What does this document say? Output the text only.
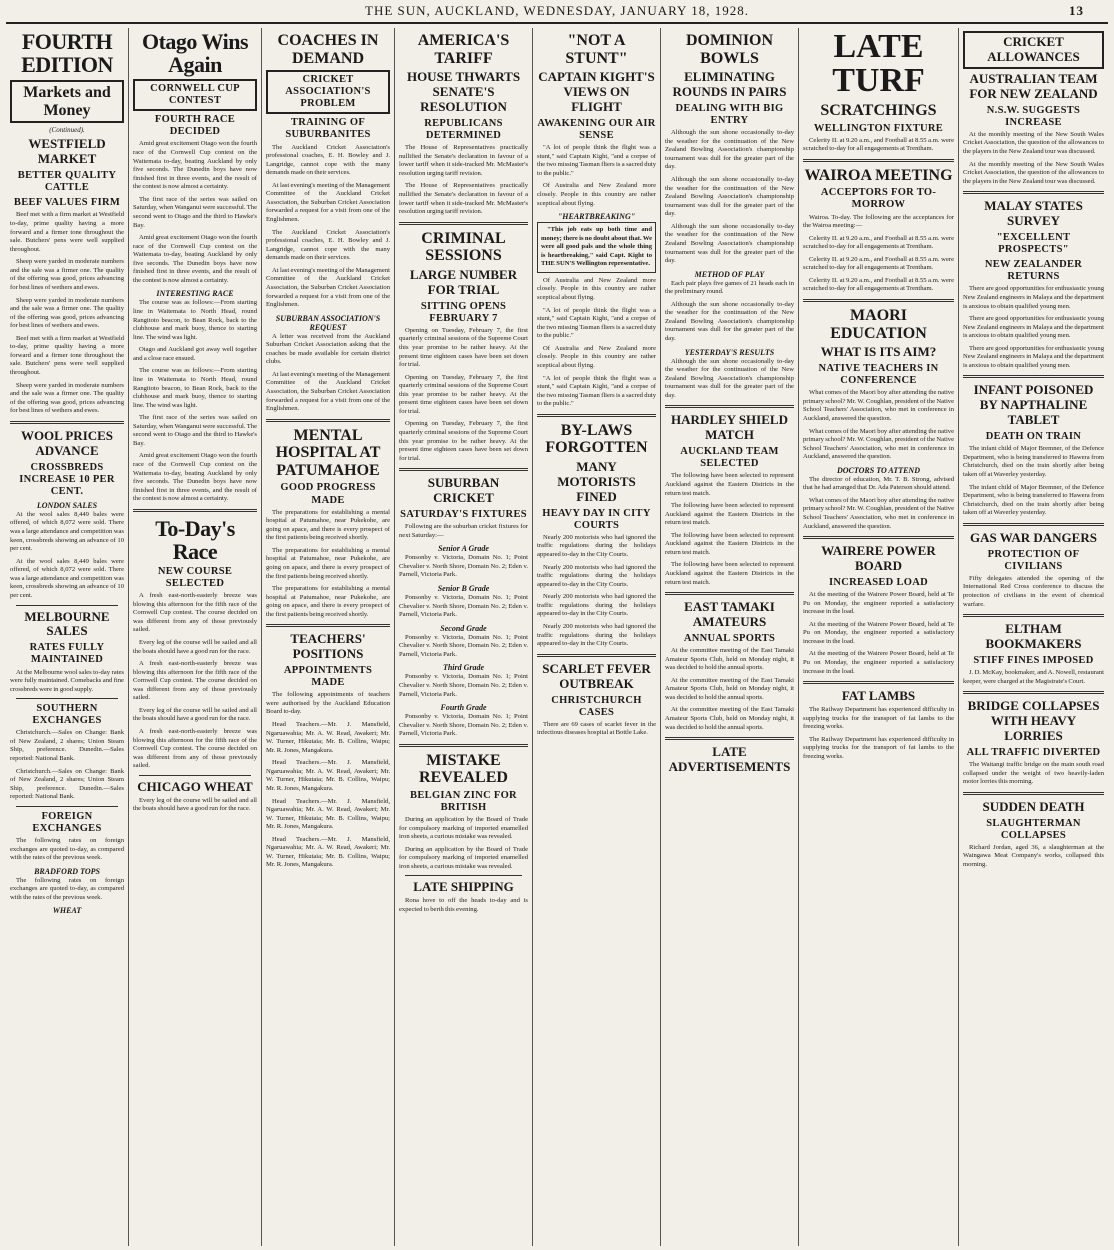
THE SUN, AUCKLAND, WEDNESDAY, JANUARY 18, 1928.	13
FOURTH EDITION
Markets and Money
(Continued).
WESTFIELD MARKET
BETTER QUALITY CATTLE
BEEF VALUES FIRM

Beef met with a firm market at Westfield to-day, prime quality having a more forward and a firmer tone throughout the sale. Butchers' pens were well supplied throughout.

Sheep were yarded in moderate numbers and the sale was a firmer one. The quality of the offering was good, prices advancing for best lines of wethers and ewes.

Sheep were yarded in moderate numbers and the sale was a firmer one. The quality of the offering was good, prices advancing for best lines of wethers and ewes.

Beef met with a firm market at Westfield to-day, prime quality having a more forward and a firmer tone throughout the sale. Butchers' pens were well supplied throughout.

Sheep were yarded in moderate numbers and the sale was a firmer one. The quality of the offering was good, prices advancing for best lines of wethers and ewes.

WOOL PRICES ADVANCE
CROSSBREDS INCREASE 10 PER CENT.
LONDON SALES

At the wool sales 8,449 bales were offered, of which 8,072 were sold. There was a large attendance and competition was keen, crossbreds showing an advance of 10 per cent.

At the wool sales 8,449 bales were offered, of which 8,072 were sold. There was a large attendance and competition was keen, crossbreds showing an advance of 10 per cent.

MELBOURNE SALES
RATES FULLY MAINTAINED

At the Melbourne wool sales to-day rates were fully maintained. Comebacks and fine crossbreds were in good supply.

SOUTHERN EXCHANGES

Christchurch.—Sales on Change: Bank of New Zealand, 2 shares; Union Steam Ship, preference. Dunedin.—Sales reported: National Bank.

Christchurch.—Sales on Change: Bank of New Zealand, 2 shares; Union Steam Ship, preference. Dunedin.—Sales reported: National Bank.

FOREIGN EXCHANGES

The following rates on foreign exchanges are quoted to-day, as compared with the rates of the previous week.

BRADFORD TOPS

The following rates on foreign exchanges are quoted to-day, as compared with the rates of the previous week.

WHEAT
Otago Wins Again
CORNWELL CUP CONTEST
FOURTH RACE DECIDED

Amid great excitement Otago won the fourth race of the Cornwell Cup contest on the Waitemata to-day, beating Auckland by only five seconds. The Dunedin boys have now finished first in three events, and the result of the contest is now almost a certainty.

The first race of the series was sailed on Saturday, when Wanganui were successful. The second went to Otago and the third to Hawke's Bay.

Amid great excitement Otago won the fourth race of the Cornwell Cup contest on the Waitemata to-day, beating Auckland by only five seconds. The Dunedin boys have now finished first in three events, and the result of the contest is now almost a certainty.

INTERESTING RACE

The course was as follows:—From starting line in Waitemata to North Head, round Rangitoto beacon, to Bean Rock, back to the clubhouse and mark buoy, thence to starting line. The wind was light.

Otago and Auckland got away well together and a close race ensued.

The course was as follows:—From starting line in Waitemata to North Head, round Rangitoto beacon, to Bean Rock, back to the clubhouse and mark buoy, thence to starting line. The wind was light.

The first race of the series was sailed on Saturday, when Wanganui were successful. The second went to Otago and the third to Hawke's Bay.

Amid great excitement Otago won the fourth race of the Cornwell Cup contest on the Waitemata to-day, beating Auckland by only five seconds. The Dunedin boys have now finished first in three events, and the result of the contest is now almost a certainty.

To-Day's Race
NEW COURSE SELECTED

A fresh east-north-easterly breeze was blowing this afternoon for the fifth race of the Cornwell Cup contest. The course decided on was different from any of those previously sailed.

Every leg of the course will be sailed and all the boats should have a good run for the race.

A fresh east-north-easterly breeze was blowing this afternoon for the fifth race of the Cornwell Cup contest. The course decided on was different from any of those previously sailed.

Every leg of the course will be sailed and all the boats should have a good run for the race.

A fresh east-north-easterly breeze was blowing this afternoon for the fifth race of the Cornwell Cup contest. The course decided on was different from any of those previously sailed.

CHICAGO WHEAT

Every leg of the course will be sailed and all the boats should have a good run for the race.

COACHES IN DEMAND
CRICKET ASSOCIATION'S PROBLEM
TRAINING OF SUBURBANITES

The Auckland Cricket Association's professional coaches, E. H. Bowley and J. Langridge, cannot cope with the many demands made on their services.

At last evening's meeting of the Management Committee of the Auckland Cricket Association, the Suburban Cricket Association forwarded a request for a visit from one of the Englishmen.

The Auckland Cricket Association's professional coaches, E. H. Bowley and J. Langridge, cannot cope with the many demands made on their services.

At last evening's meeting of the Management Committee of the Auckland Cricket Association, the Suburban Cricket Association forwarded a request for a visit from one of the Englishmen.

SUBURBAN ASSOCIATION'S REQUEST

A letter was received from the Auckland Suburban Cricket Association asking that the coaches be made available for certain district clubs.

At last evening's meeting of the Management Committee of the Auckland Cricket Association, the Suburban Cricket Association forwarded a request for a visit from one of the Englishmen.

MENTAL HOSPITAL AT PATUMAHOE
GOOD PROGRESS MADE

The preparations for establishing a mental hospital at Patumahoe, near Pukekohe, are going on apace, and there is every prospect of the first patients being received shortly.

The preparations for establishing a mental hospital at Patumahoe, near Pukekohe, are going on apace, and there is every prospect of the first patients being received shortly.

The preparations for establishing a mental hospital at Patumahoe, near Pukekohe, are going on apace, and there is every prospect of the first patients being received shortly.

TEACHERS' POSITIONS
APPOINTMENTS MADE

The following appointments of teachers were authorised by the Auckland Education Board to-day.

Head Teachers.—Mr. J. Mansfield, Ngaruawahia; Mr. A. W. Read, Awakeri; Mr. W. Turner, Hikutaia; Mr. B. Collins, Waipu; Mr. R. Jones, Mangakura.

Head Teachers.—Mr. J. Mansfield, Ngaruawahia; Mr. A. W. Read, Awakeri; Mr. W. Turner, Hikutaia; Mr. B. Collins, Waipu; Mr. R. Jones, Mangakura.

Head Teachers.—Mr. J. Mansfield, Ngaruawahia; Mr. A. W. Read, Awakeri; Mr. W. Turner, Hikutaia; Mr. B. Collins, Waipu; Mr. R. Jones, Mangakura.

Head Teachers.—Mr. J. Mansfield, Ngaruawahia; Mr. A. W. Read, Awakeri; Mr. W. Turner, Hikutaia; Mr. B. Collins, Waipu; Mr. R. Jones, Mangakura.

AMERICA'S TARIFF
HOUSE THWARTS SENATE'S RESOLUTION
REPUBLICANS DETERMINED

The House of Representatives practically nullified the Senate's declaration in favour of a lower tariff when it side-tracked Mr. McMaster's resolution urging tariff revision.

The House of Representatives practically nullified the Senate's declaration in favour of a lower tariff when it side-tracked Mr. McMaster's resolution urging tariff revision.

CRIMINAL SESSIONS
LARGE NUMBER FOR TRIAL
SITTING OPENS FEBRUARY 7

Opening on Tuesday, February 7, the first quarterly criminal sessions of the Supreme Court this year promise to be rather heavy. At the present time eighteen cases have been set down for trial.

Opening on Tuesday, February 7, the first quarterly criminal sessions of the Supreme Court this year promise to be rather heavy. At the present time eighteen cases have been set down for trial.

Opening on Tuesday, February 7, the first quarterly criminal sessions of the Supreme Court this year promise to be rather heavy. At the present time eighteen cases have been set down for trial.

SUBURBAN CRICKET
SATURDAY'S FIXTURES

Following are the suburban cricket fixtures for next Saturday:—

Senior A Grade

Ponsonby v. Victoria, Domain No. 1; Point Chevalier v. North Shore, Domain No. 2; Eden v. Parnell, Victoria Park.

Senior B Grade

Ponsonby v. Victoria, Domain No. 1; Point Chevalier v. North Shore, Domain No. 2; Eden v. Parnell, Victoria Park.

Second Grade

Ponsonby v. Victoria, Domain No. 1; Point Chevalier v. North Shore, Domain No. 2; Eden v. Parnell, Victoria Park.

Third Grade

Ponsonby v. Victoria, Domain No. 1; Point Chevalier v. North Shore, Domain No. 2; Eden v. Parnell, Victoria Park.

Fourth Grade

Ponsonby v. Victoria, Domain No. 1; Point Chevalier v. North Shore, Domain No. 2; Eden v. Parnell, Victoria Park.

MISTAKE REVEALED
BELGIAN ZINC FOR BRITISH

During an application by the Board of Trade for compulsory marking of imported enamelled iron sheets, a curious mistake was revealed.

During an application by the Board of Trade for compulsory marking of imported enamelled iron sheets, a curious mistake was revealed.

LATE SHIPPING

Rona hove to off the heads to-day and is expected to berth this evening.

"NOT A STUNT"
CAPTAIN KIGHT'S VIEWS ON FLIGHT
AWAKENING OUR AIR SENSE

"A lot of people think the flight was a stunt," said Captain Kight, "and a corpse of the two missing Tasman fliers is a sacred duty to the public."

Of Australia and New Zealand more closely. People in this country are rather sceptical about flying.

"HEARTBREAKING"

"This job eats up both time and money; there is no doubt about that. We were all good pals and the whole thing is heartbreaking," said Capt. Kight to THE SUN'S Wellington representative.

Of Australia and New Zealand more closely. People in this country are rather sceptical about flying.

"A lot of people think the flight was a stunt," said Captain Kight, "and a corpse of the two missing Tasman fliers is a sacred duty to the public."

Of Australia and New Zealand more closely. People in this country are rather sceptical about flying.

"A lot of people think the flight was a stunt," said Captain Kight, "and a corpse of the two missing Tasman fliers is a sacred duty to the public."

BY-LAWS FORGOTTEN
MANY MOTORISTS FINED
HEAVY DAY IN CITY COURTS

Nearly 200 motorists who had ignored the traffic regulations during the holidays appeared to-day in the City Courts.

Nearly 200 motorists who had ignored the traffic regulations during the holidays appeared to-day in the City Courts.

Nearly 200 motorists who had ignored the traffic regulations during the holidays appeared to-day in the City Courts.

Nearly 200 motorists who had ignored the traffic regulations during the holidays appeared to-day in the City Courts.

SCARLET FEVER OUTBREAK
CHRISTCHURCH CASES

There are 69 cases of scarlet fever in the infectious diseases hospital at Bottle Lake.

DOMINION BOWLS
ELIMINATING ROUNDS IN PAIRS
DEALING WITH BIG ENTRY

Although the sun shone occasionally to-day the weather for the continuation of the New Zealand Bowling Association's championship tournament was dull for the greater part of the day.

Although the sun shone occasionally to-day the weather for the continuation of the New Zealand Bowling Association's championship tournament was dull for the greater part of the day.

Although the sun shone occasionally to-day the weather for the continuation of the New Zealand Bowling Association's championship tournament was dull for the greater part of the day.

METHOD OF PLAY

Each pair plays five games of 21 heads each in the preliminary round.

Although the sun shone occasionally to-day the weather for the continuation of the New Zealand Bowling Association's championship tournament was dull for the greater part of the day.

YESTERDAY'S RESULTS

Although the sun shone occasionally to-day the weather for the continuation of the New Zealand Bowling Association's championship tournament was dull for the greater part of the day.

HARDLEY SHIELD MATCH
AUCKLAND TEAM SELECTED

The following have been selected to represent Auckland against the Eastern Districts in the return test match.

The following have been selected to represent Auckland against the Eastern Districts in the return test match.

The following have been selected to represent Auckland against the Eastern Districts in the return test match.

The following have been selected to represent Auckland against the Eastern Districts in the return test match.

EAST TAMAKI AMATEURS
ANNUAL SPORTS

At the committee meeting of the East Tamaki Amateur Sports Club, held on Monday night, it was decided to hold the annual sports.

At the committee meeting of the East Tamaki Amateur Sports Club, held on Monday night, it was decided to hold the annual sports.

At the committee meeting of the East Tamaki Amateur Sports Club, held on Monday night, it was decided to hold the annual sports.

LATE ADVERTISEMENTS
LATE TURF
SCRATCHINGS
WELLINGTON FIXTURE

Celerity II. at 9.20 a.m., and Football at 8.55 a.m. were scratched to-day for all engagements at Trentham.

WAIROA MEETING
ACCEPTORS FOR TO-MORROW

Wairoa. To-day. The following are the acceptances for the Wairoa meeting:—

Celerity II. at 9.20 a.m., and Football at 8.55 a.m. were scratched to-day for all engagements at Trentham.

Celerity II. at 9.20 a.m., and Football at 8.55 a.m. were scratched to-day for all engagements at Trentham.

Celerity II. at 9.20 a.m., and Football at 8.55 a.m. were scratched to-day for all engagements at Trentham.

MAORI EDUCATION
WHAT IS ITS AIM?
NATIVE TEACHERS IN CONFERENCE

What comes of the Maori boy after attending the native primary school? Mr. W. Coughlan, president of the Native School Teachers' Association, who met in conference in Auckland, answered the question.

What comes of the Maori boy after attending the native primary school? Mr. W. Coughlan, president of the Native School Teachers' Association, who met in conference in Auckland, answered the question.

DOCTORS TO ATTEND

The director of education, Mr. T. B. Strong, advised that he had arranged that Dr. Ada Paterson should attend.

What comes of the Maori boy after attending the native primary school? Mr. W. Coughlan, president of the Native School Teachers' Association, who met in conference in Auckland, answered the question.

WAIRERE POWER BOARD
INCREASED LOAD

At the meeting of the Wairere Power Board, held at Te Pu on Monday, the engineer reported a satisfactory increase in the load.

At the meeting of the Wairere Power Board, held at Te Pu on Monday, the engineer reported a satisfactory increase in the load.

At the meeting of the Wairere Power Board, held at Te Pu on Monday, the engineer reported a satisfactory increase in the load.

FAT LAMBS

The Railway Department has experienced difficulty in supplying trucks for the transport of fat lambs to the freezing works.

The Railway Department has experienced difficulty in supplying trucks for the transport of fat lambs to the freezing works.

CRICKET ALLOWANCES
AUSTRALIAN TEAM FOR NEW ZEALAND
N.S.W. SUGGESTS INCREASE

At the monthly meeting of the New South Wales Cricket Association, the question of the allowances to the players in the New Zealand tour was discussed.

At the monthly meeting of the New South Wales Cricket Association, the question of the allowances to the players in the New Zealand tour was discussed.

MALAY STATES SURVEY
"EXCELLENT PROSPECTS"
NEW ZEALANDER RETURNS

There are good opportunities for enthusiastic young New Zealand engineers in Malaya and the department is anxious to obtain qualified young men.

There are good opportunities for enthusiastic young New Zealand engineers in Malaya and the department is anxious to obtain qualified young men.

There are good opportunities for enthusiastic young New Zealand engineers in Malaya and the department is anxious to obtain qualified young men.

INFANT POISONED BY NAPTHALINE TABLET
DEATH ON TRAIN

The infant child of Major Bremner, of the Defence Department, who is being transferred to Hawera from Christchurch, died on the train shortly after being taken off at Waverley yesterday.

The infant child of Major Bremner, of the Defence Department, who is being transferred to Hawera from Christchurch, died on the train shortly after being taken off at Waverley yesterday.

GAS WAR DANGERS
PROTECTION OF CIVILIANS

Fifty delegates attended the opening of the International Red Cross conference to discuss the protection of civilians in the event of chemical warfare.

ELTHAM BOOKMAKERS
STIFF FINES IMPOSED

J. D. McKay, bookmaker, and A. Nowell, restaurant keeper, were charged at the Magistrate's Court.

BRIDGE COLLAPSES WITH HEAVY LORRIES
ALL TRAFFIC DIVERTED

The Waitangi traffic bridge on the main south road collapsed under the weight of two heavily-laden motor lorries this morning.

SUDDEN DEATH
SLAUGHTERMAN COLLAPSES

Richard Jordan, aged 36, a slaughterman at the Waingawa Meat Company's works, collapsed this morning.
